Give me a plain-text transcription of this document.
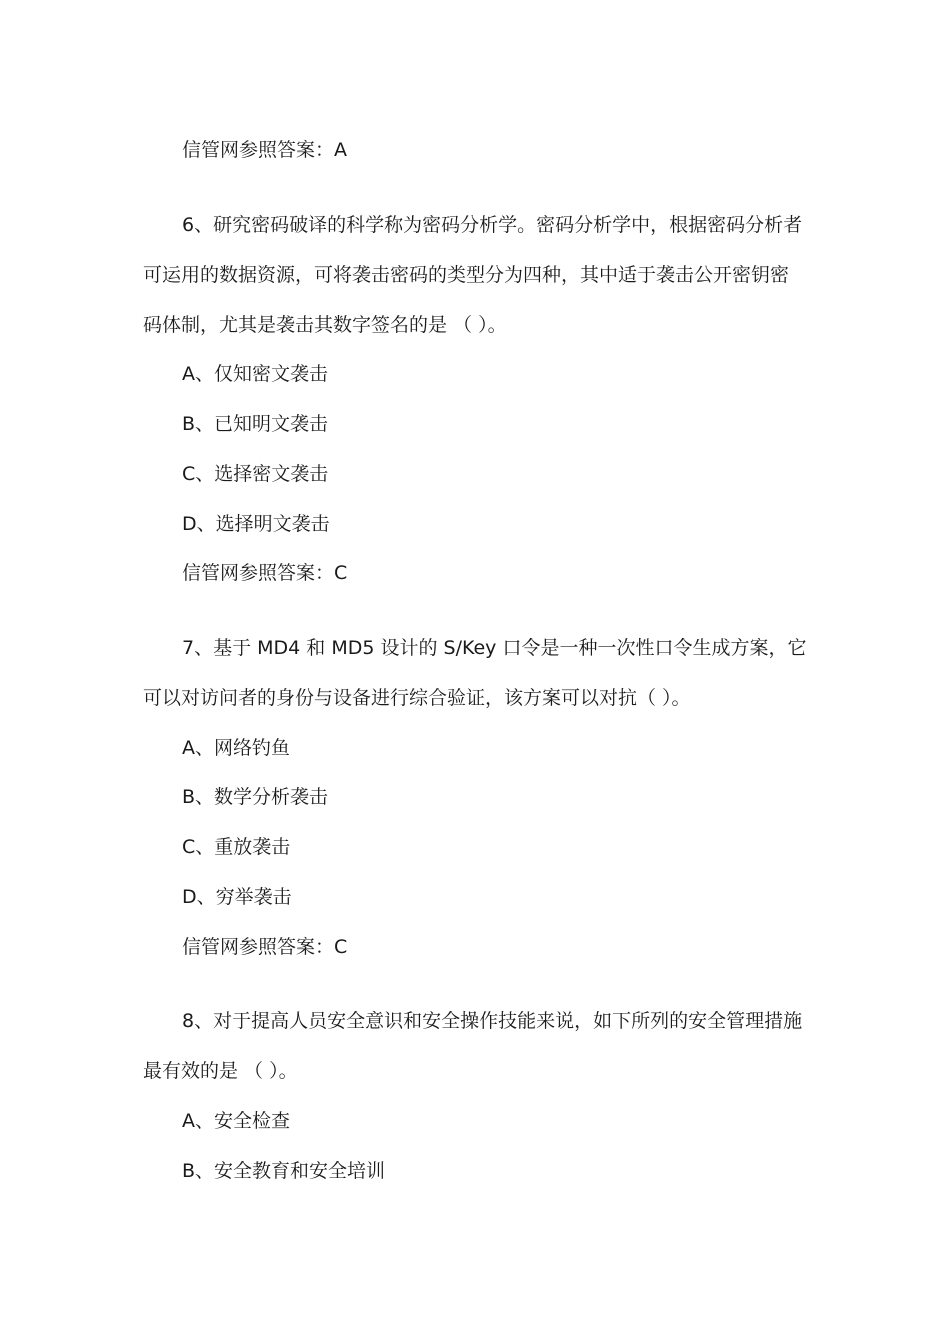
信管网参照答案：A
6、研究密码破译的科学称为密码分析学。密码分析学中，根据密码分析者
可运用的数据资源，可将袭击密码的类型分为四种，其中适于袭击公开密钥密
码体制，尤其是袭击其数字签名的是 （ ）。
A、仅知密文袭击
B、已知明文袭击
C、选择密文袭击
D、选择明文袭击
信管网参照答案：C
7、基于 MD4 和 MD5 设计的 S/Key 口令是一种一次性口令生成方案，它
可以对访问者的身份与设备进行综合验证，该方案可以对抗（ ）。
A、网络钓鱼
B、数学分析袭击
C、重放袭击
D、穷举袭击
信管网参照答案：C
8、对于提高人员安全意识和安全操作技能来说，如下所列的安全管理措施
最有效的是 （ ）。
A、安全检查
B、安全教育和安全培训
